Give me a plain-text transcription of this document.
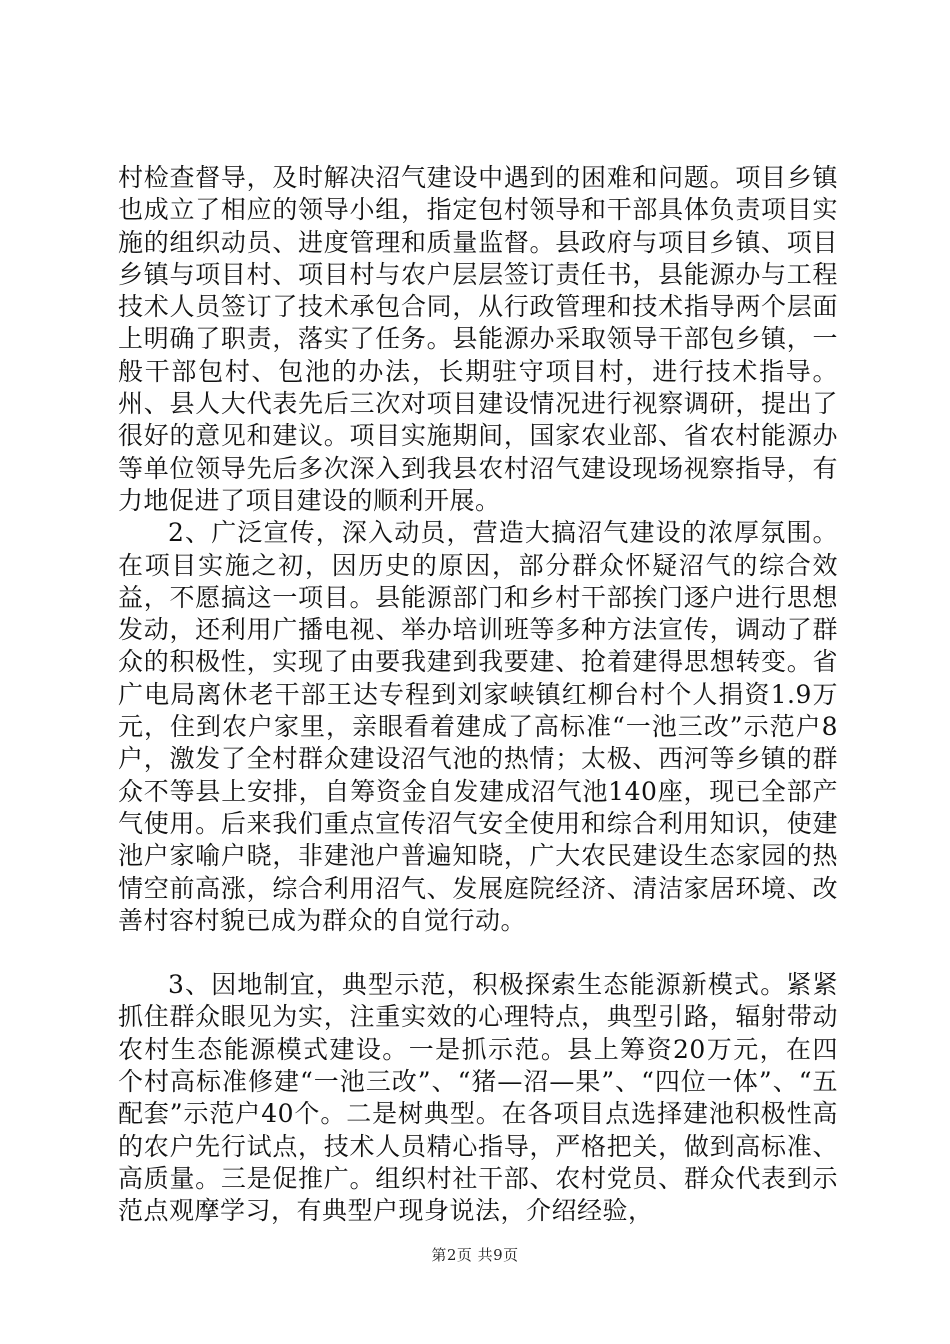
村检查督导，及时解决沼气建设中遇到的困难和问题。项目乡镇也成立了相应的领导小组，指定包村领导和干部具体负责项目实施的组织动员、进度管理和质量监督。县政府与项目乡镇、项目乡镇与项目村、项目村与农户层层签订责任书，县能源办与工程技术人员签订了技术承包合同，从行政管理和技术指导两个层面上明确了职责，落实了任务。县能源办采取领导干部包乡镇，一般干部包村、包池的办法，长期驻守项目村，进行技术指导。州、县人大代表先后三次对项目建设情况进行视察调研，提出了很好的意见和建议。项目实施期间，国家农业部、省农村能源办等单位领导先后多次深入到我县农村沼气建设现场视察指导，有力地促进了项目建设的顺利开展。

2、广泛宣传，深入动员，营造大搞沼气建设的浓厚氛围。在项目实施之初，因历史的原因，部分群众怀疑沼气的综合效益，不愿搞这一项目。县能源部门和乡村干部挨门逐户进行思想发动，还利用广播电视、举办培训班等多种方法宣传，调动了群众的积极性，实现了由要我建到我要建、抢着建得思想转变。省广电局离休老干部王达专程到刘家峡镇红柳台村个人捐资1.9万元，住到农户家里，亲眼看着建成了高标准“一池三改”示范户8户，激发了全村群众建设沼气池的热情；太极、西河等乡镇的群众不等县上安排，自筹资金自发建成沼气池140座，现已全部产气使用。后来我们重点宣传沼气安全使用和综合利用知识，使建池户家喻户晓，非建池户普遍知晓，广大农民建设生态家园的热情空前高涨，综合利用沼气、发展庭院经济、清洁家居环境、改善村容村貌已成为群众的自觉行动。

3、因地制宜，典型示范，积极探索生态能源新模式。紧紧抓住群众眼见为实，注重实效的心理特点，典型引路，辐射带动农村生态能源模式建设。一是抓示范。县上筹资20万元，在四个村高标准修建“一池三改”、“猪—沼—果”、“四位一体”、“五配套”示范户40个。二是树典型。在各项目点选择建池积极性高的农户先行试点，技术人员精心指导，严格把关，做到高标准、高质量。三是促推广。组织村社干部、农村党员、群众代表到示范点观摩学习，有典型户现身说法，介绍经验，

第2页 共9页
